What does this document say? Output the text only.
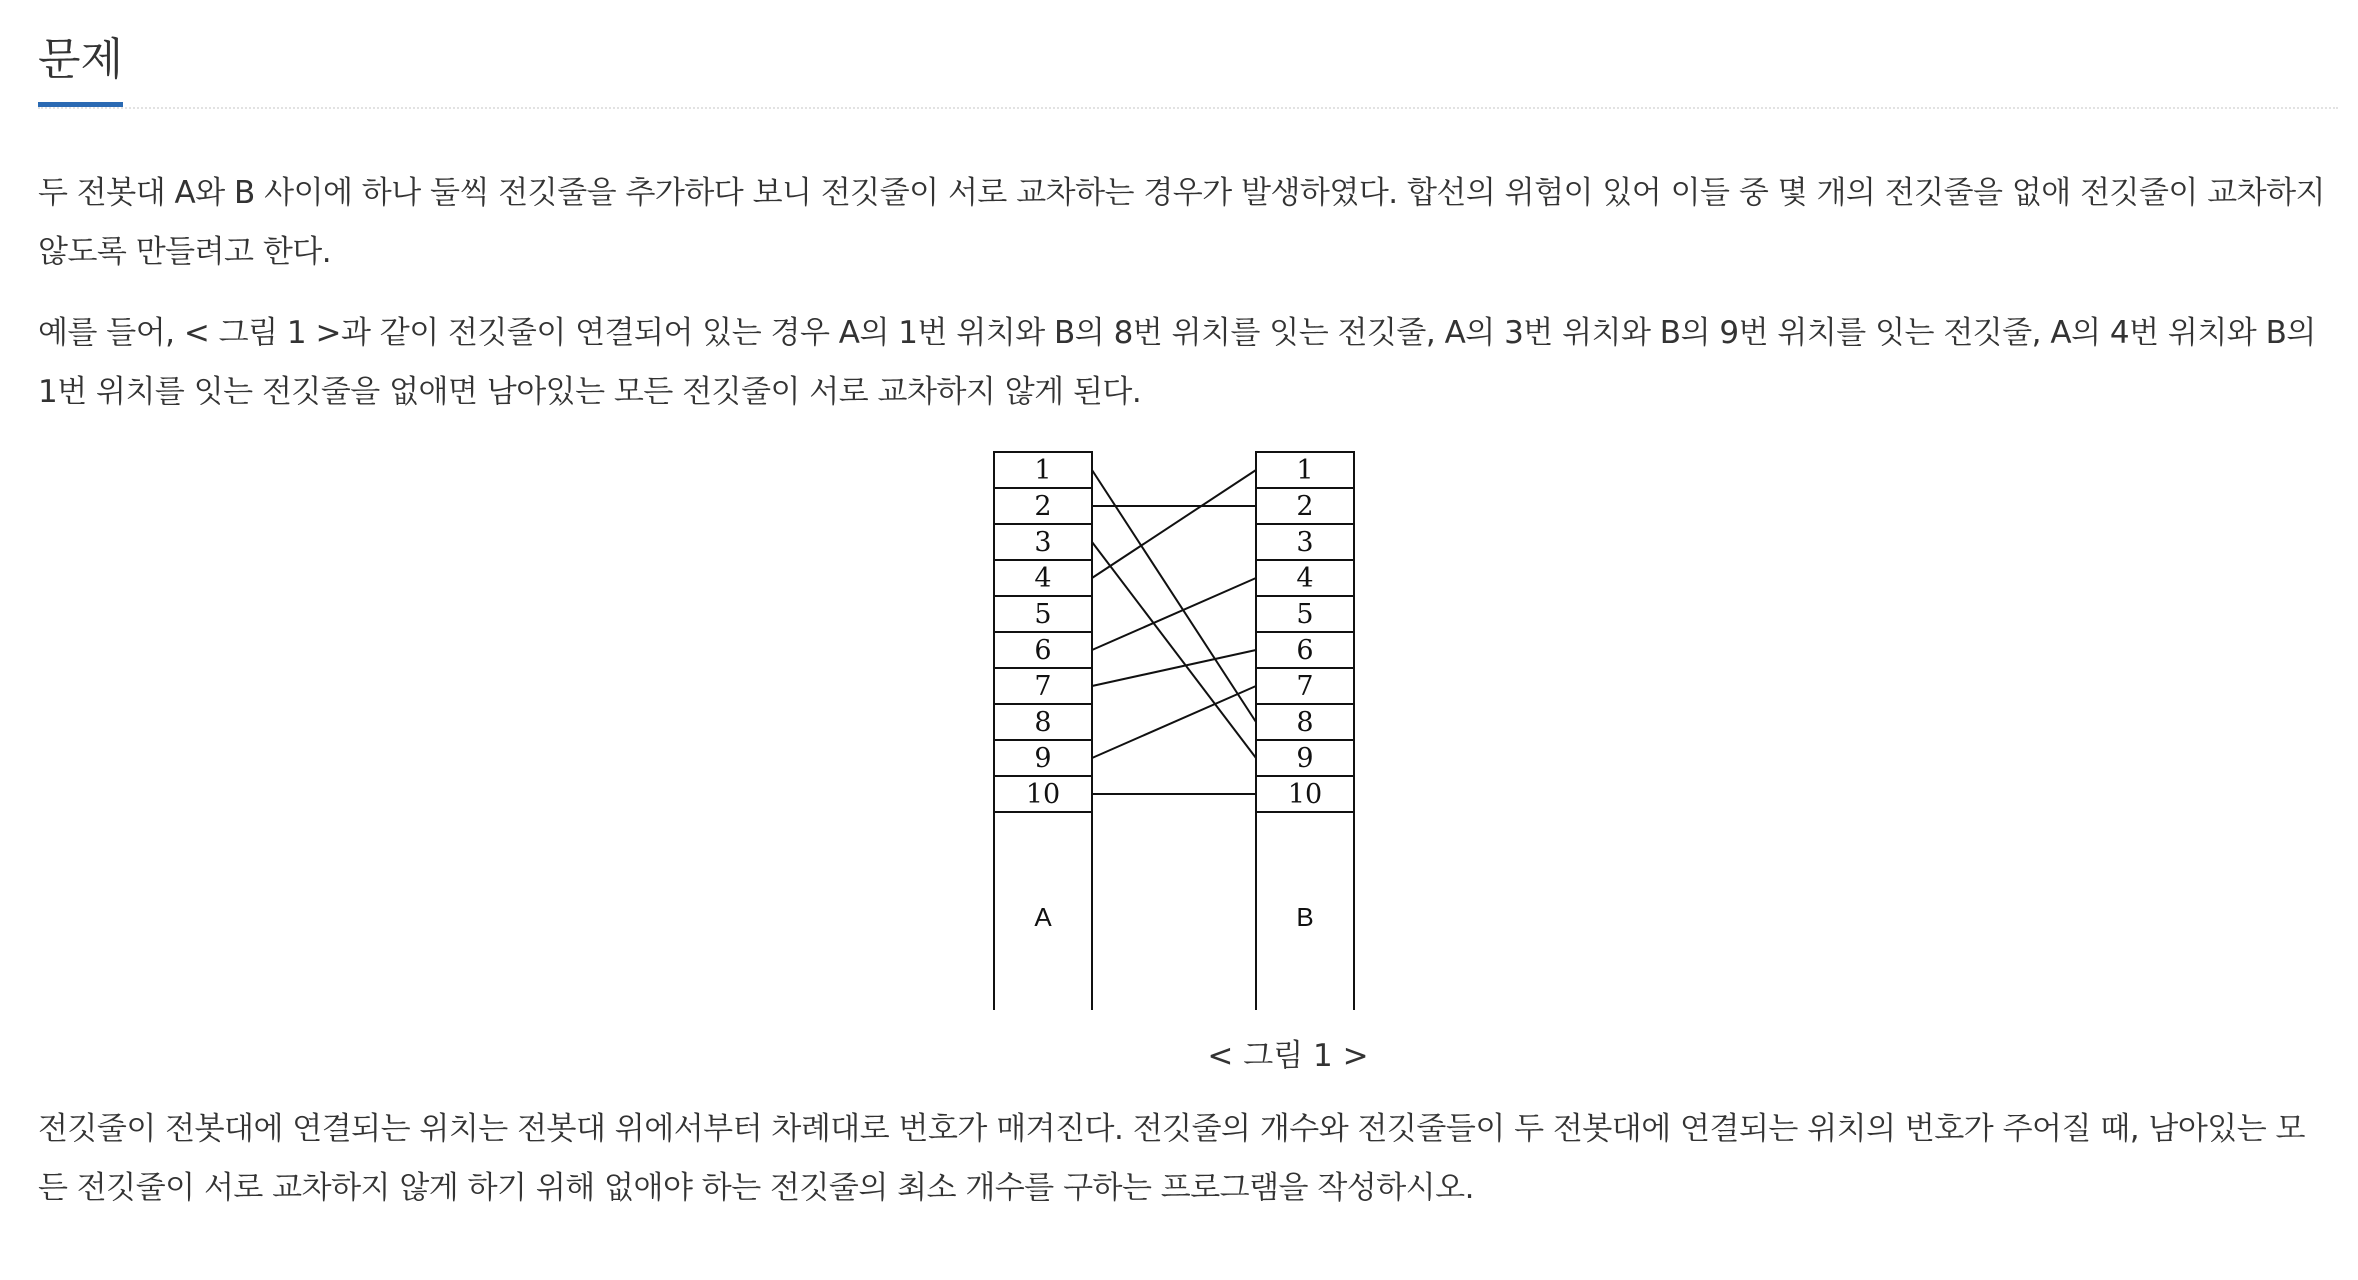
문제

두 전봇대 A와 B 사이에 하나 둘씩 전깃줄을 추가하다 보니 전깃줄이 서로 교차하는 경우가 발생하였다. 합선의 위험이 있어 이들 중 몇 개의 전깃줄을 없애 전깃줄이 교차하지 않도록 만들려고 한다.

예를 들어, < 그림 1 >과 같이 전깃줄이 연결되어 있는 경우 A의 1번 위치와 B의 8번 위치를 잇는 전깃줄, A의 3번 위치와 B의 9번 위치를 잇는 전깃줄, A의 4번 위치와 B의 1번 위치를 잇는 전깃줄을 없애면 남아있는 모든 전깃줄이 서로 교차하지 않게 된다.

1
2
3
4
5
6
7
8
9
10
A
1
2
3
4
5
6
7
8
9
10
B

< 그림 1 >

전깃줄이 전봇대에 연결되는 위치는 전봇대 위에서부터 차례대로 번호가 매겨진다. 전깃줄의 개수와 전깃줄들이 두 전봇대에 연결되는 위치의 번호가 주어질 때, 남아있는 모든 전깃줄이 서로 교차하지 않게 하기 위해 없애야 하는 전깃줄의 최소 개수를 구하는 프로그램을 작성하시오.
